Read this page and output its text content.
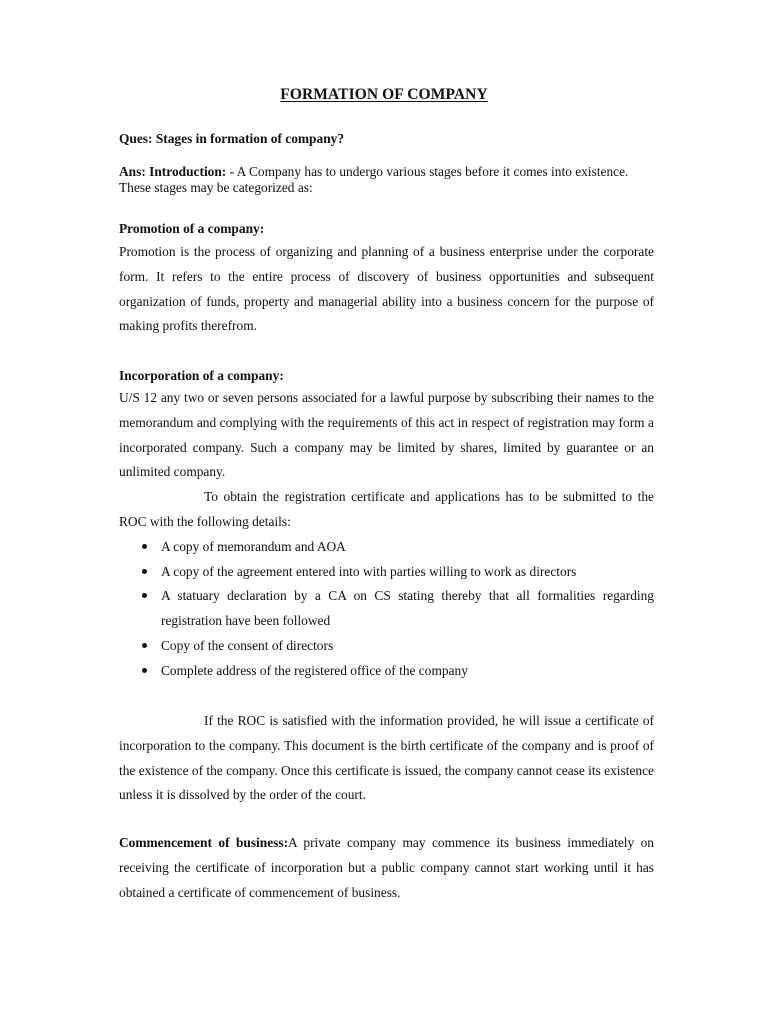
FORMATION OF COMPANY
Ques: Stages in formation of company?
Ans: Introduction: - A Company has to undergo various stages before it comes into existence. These stages may be categorized as:
Promotion of a company:
Promotion is the process of organizing and planning of a business enterprise under the corporate form. It refers to the entire process of discovery of business opportunities and subsequent organization of funds, property and managerial ability into a business concern for the purpose of making profits therefrom.
Incorporation of a company:
U/S 12 any two or seven persons associated for a lawful purpose by subscribing their names to the memorandum and complying with the requirements of this act in respect of registration may form a incorporated company. Such a company may be limited by shares, limited by guarantee or an unlimited company.
To obtain the registration certificate and applications has to be submitted to the ROC with the following details:
A copy of memorandum and AOA
A copy of the agreement entered into with parties willing to work as directors
A statuary declaration by a CA on CS stating thereby that all formalities regarding registration have been followed
Copy of the consent of directors
Complete address of the registered office of the company
If the ROC is satisfied with the information provided, he will issue a certificate of incorporation to the company. This document is the birth certificate of the company and is proof of the existence of the company. Once this certificate is issued, the company cannot cease its existence unless it is dissolved by the order of the court.
Commencement of business:A private company may commence its business immediately on receiving the certificate of incorporation but a public company cannot start working until it has obtained a certificate of commencement of business.
